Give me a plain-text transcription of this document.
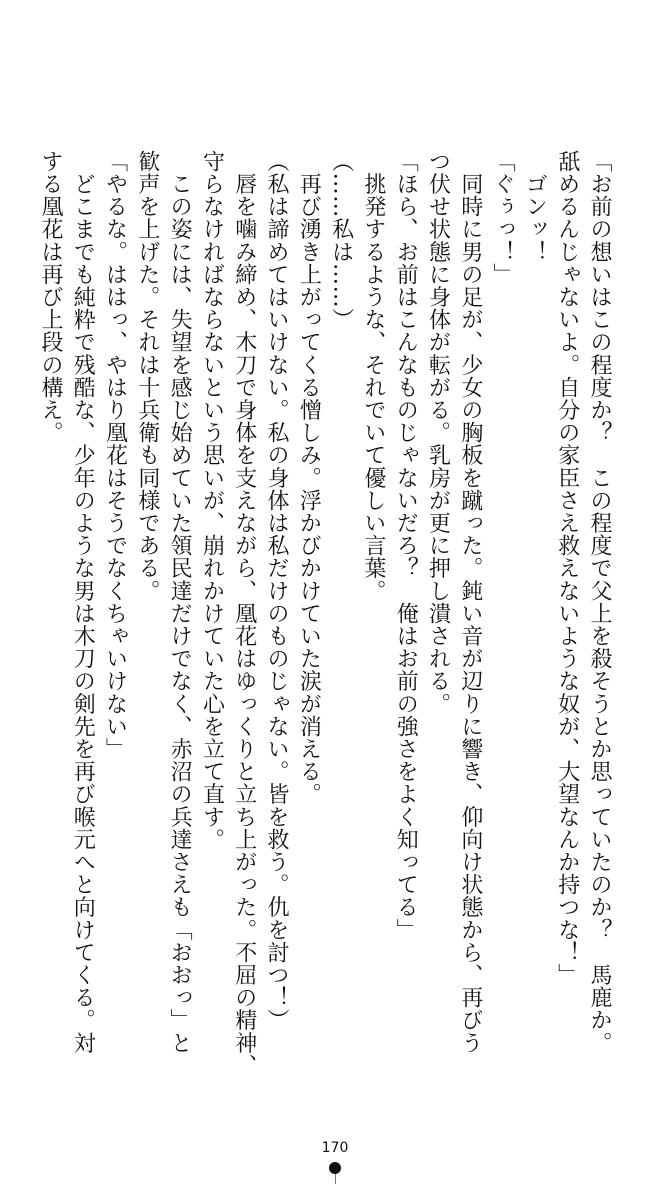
「お前の想いはこの程度か？　この程度で父上を殺そうとか思っていたのか？　馬鹿か。
舐めるんじゃないよ。自分の家臣さえ救えないような奴が、大望なんか持つな！」
　ゴンッ！
「ぐぅっ！」
　同時に男の足が、少女の胸板を蹴った。鈍い音が辺りに響き、仰向け状態から、再びう
つ伏せ状態に身体が転がる。乳房が更に押し潰される。
「ほら、お前はこんなものじゃないだろ？　俺はお前の強さをよく知ってる」
　挑発するような、それでいて優しい言葉。
（……私は……）
　再び湧き上がってくる憎しみ。浮かびかけていた涙が消える。
（私は諦めてはいけない。私の身体は私だけのものじゃない。皆を救う。仇を討つ！）
　唇を噛み締め、木刀で身体を支えながら、凰花はゆっくりと立ち上がった。不屈の精神、
守らなければならないという思いが、崩れかけていた心を立て直す。
　この姿には、失望を感じ始めていた領民達だけでなく、赤沼の兵達さえも「おおっ」と
歓声を上げた。それは十兵衛も同様である。
「やるな。ははっ、やはり凰花はそうでなくちゃいけない」
　どこまでも純粋で残酷な、少年のような男は木刀の剣先を再び喉元へと向けてくる。対
する凰花は再び上段の構え。
170
